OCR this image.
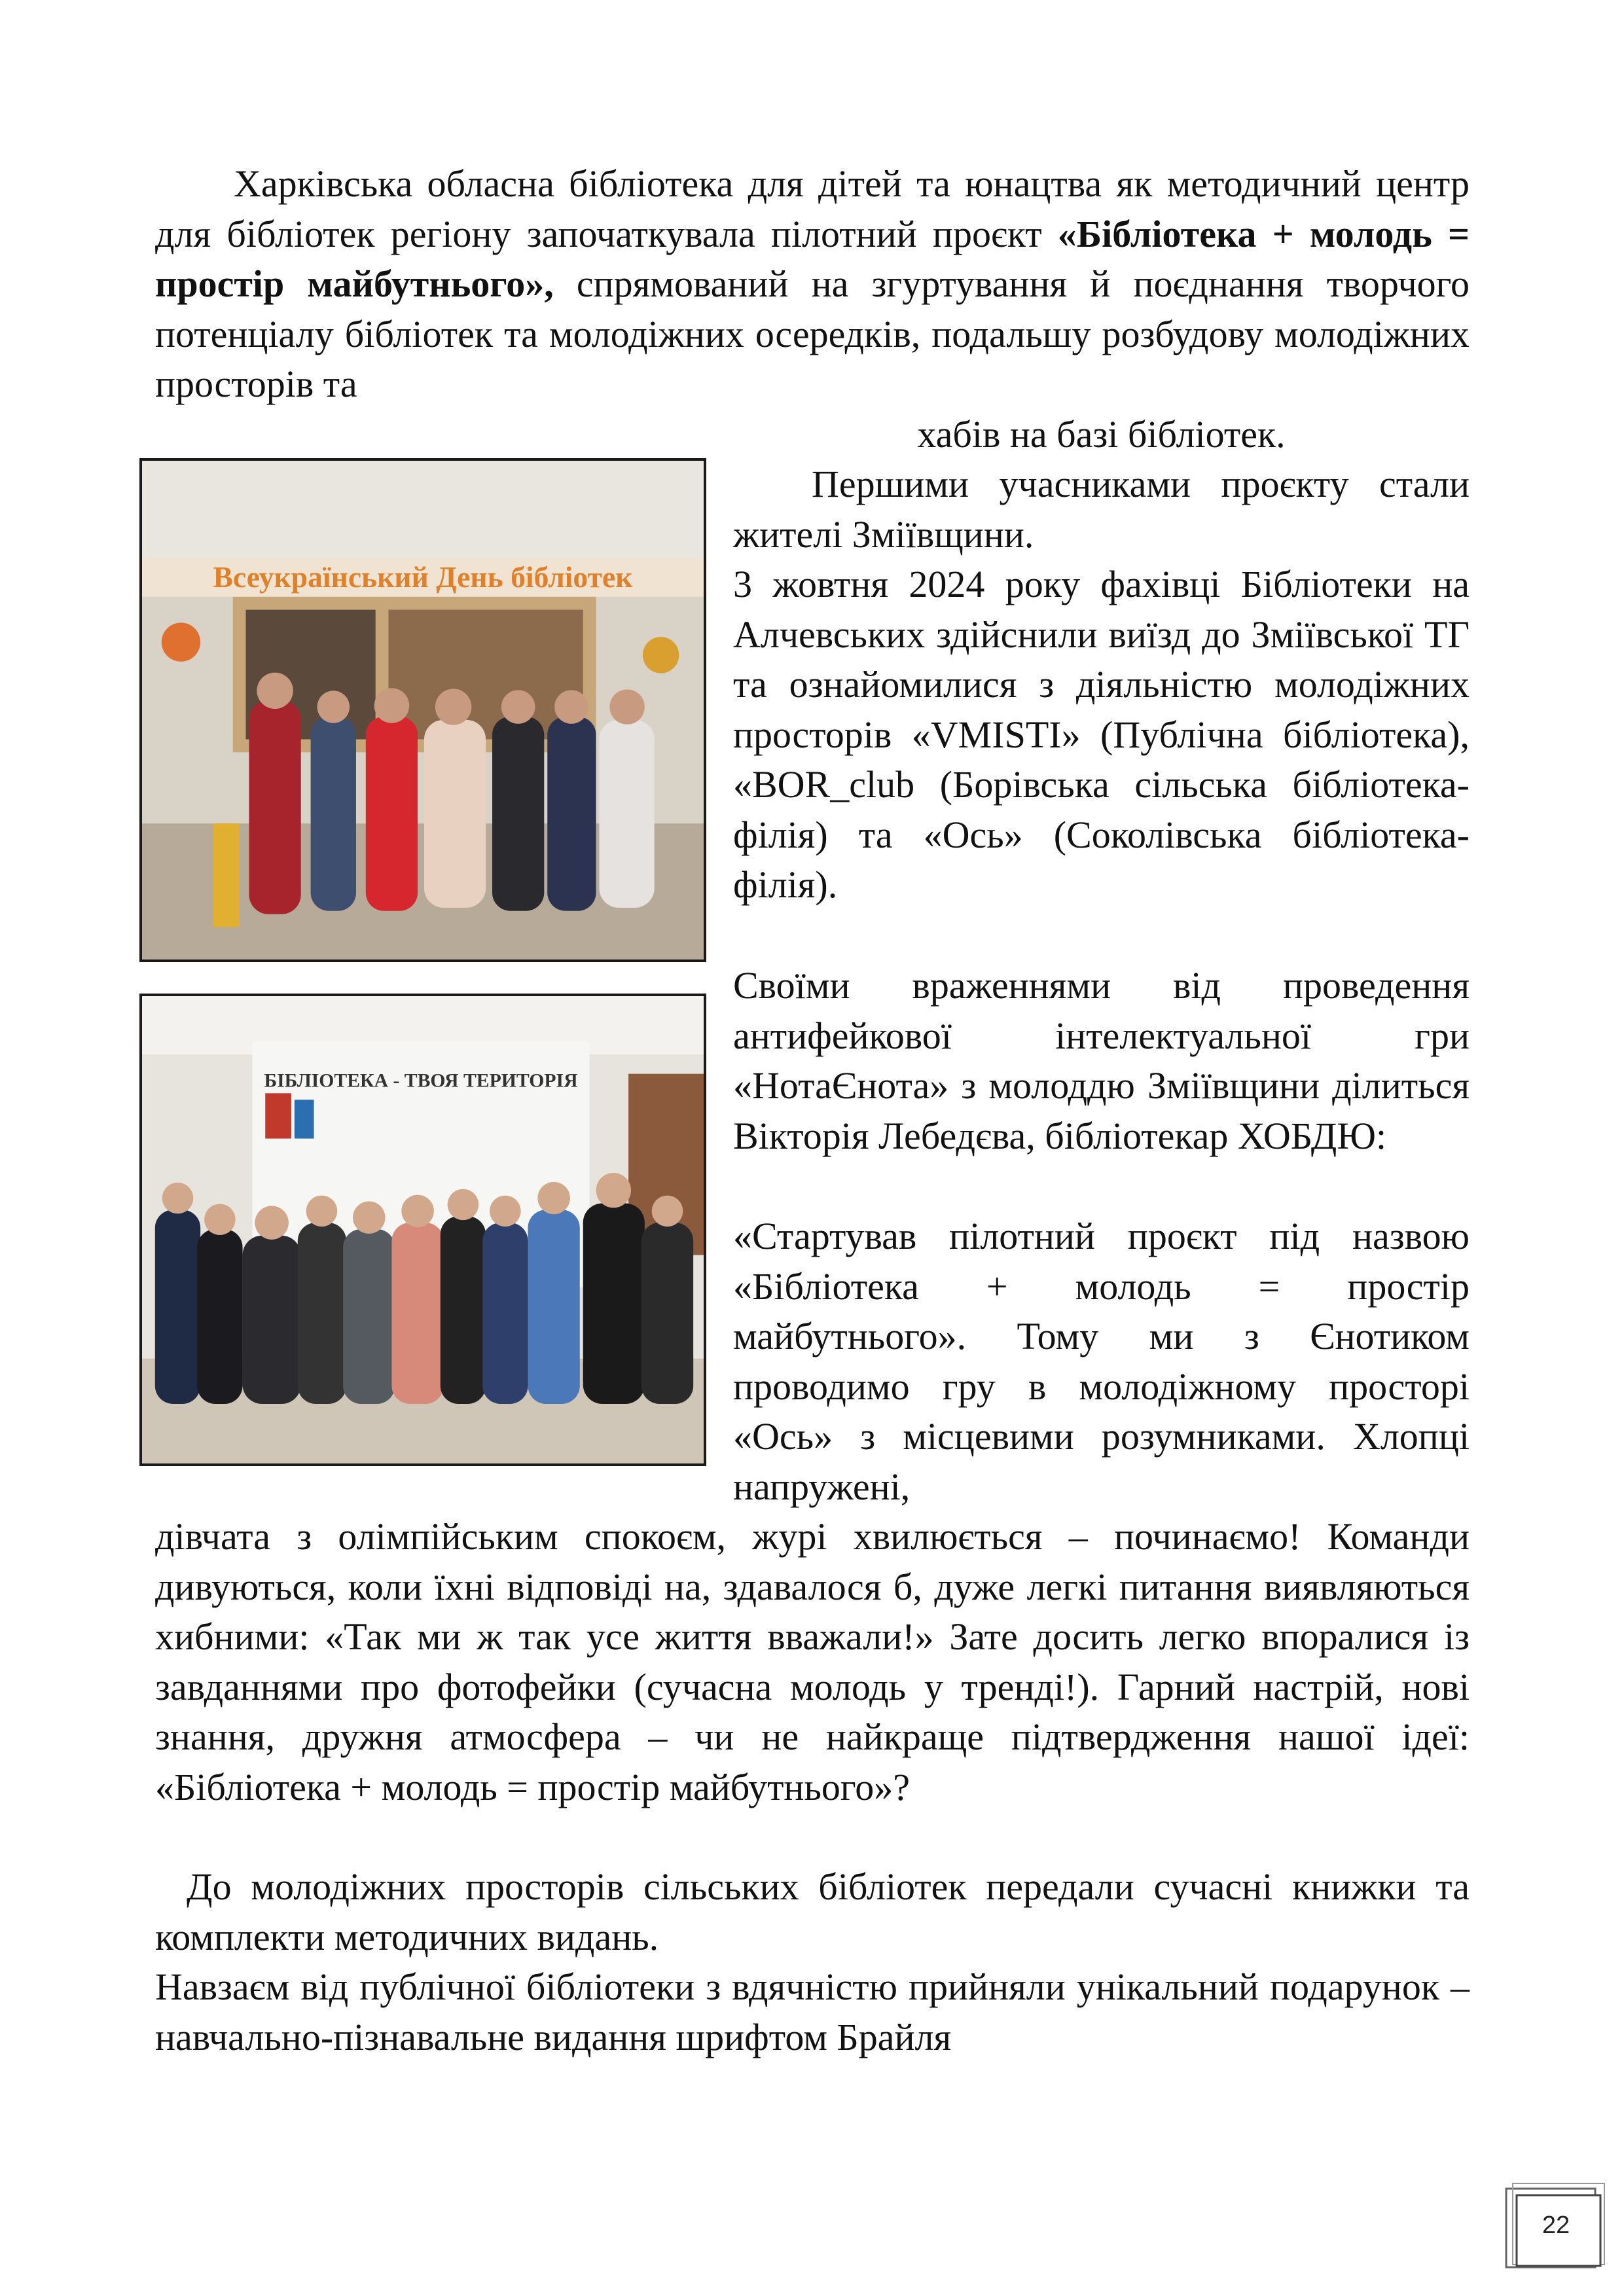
Харківська обласна бібліотека для дітей та юнацтва як методичний центр для бібліотек регіону започаткувала пілотний проєкт «Бібліотека + молодь = простір майбутнього», спрямований на згуртування й поєднання творчого потенціалу бібліотек та молодіжних осередків, подальшу розбудову молодіжних просторів та

хабів на базі бібліотек.

Першими учасниками проєкту стали жителі Зміївщини.

3 жовтня 2024 року фахівці Бібліотеки на Алчевських здійснили виїзд до Зміївської ТГ та ознайомилися з діяльністю молодіжних просторів «VMISTI» (Публічна бібліотека), «BOR_club (Борівська сільська бібліотека-філія) та «Ось» (Соколівська бібліотека-філія).

Своїми враженнями від проведення антифейкової інтелектуальної гри «НотаЄнота» з молоддю Зміївщини ділиться Вікторія Лебедєва, бібліотекар ХОБДЮ:

«Стартував пілотний проєкт під назвою «Бібліотека + молодь = простір майбутнього». Тому ми з Єнотиком проводимо гру в молодіжному просторі «Ось» з місцевими розумниками. Хлопці напружені,

дівчата з олімпійським спокоєм, журі хвилюється – починаємо! Команди дивуються, коли їхні відповіді на, здавалося б, дуже легкі питання виявляються хибними: «Так ми ж так усе життя вважали!» Зате досить легко впоралися із завданнями про фотофейки (сучасна молодь у тренді!). Гарний настрій, нові знання, дружня атмосфера – чи не найкраще підтвердження нашої ідеї: «Бібліотека + молодь = простір майбутнього»?

До молодіжних просторів сільських бібліотек передали сучасні книжки та комплекти методичних видань.

Навзаєм від публічної бібліотеки з вдячністю прийняли унікальний подарунок – навчально-пізнавальне видання шрифтом Брайля

Всеукраїнський День бібліотек
БІБЛІОТЕКА - ТВОЯ ТЕРИТОРІЯ
22
